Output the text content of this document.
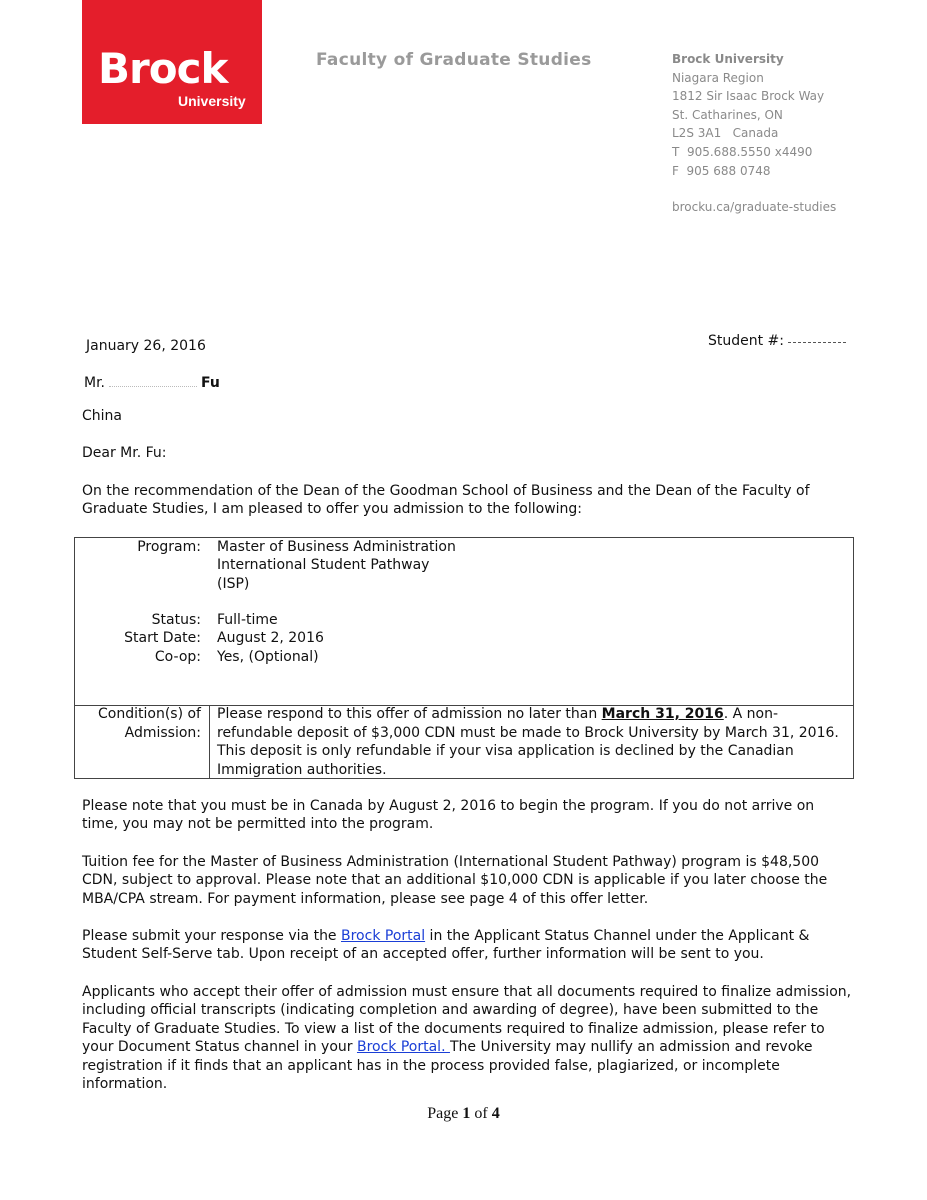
Brock
University
Faculty of Graduate Studies	Brock University
Niagara Region
1812 Sir Isaac Brock Way
St. Catharines, ON
L2S 3A1   Canada
T  905.688.5550 x4490
F  905 688 0748
brocku.ca/graduate-studies
January 26, 2016	Student #:
Mr.	Fu
China
Dear Mr. Fu:
On the recommendation of the Dean of the Goodman School of Business and the Dean of the Faculty of Graduate Studies, I am pleased to offer you admission to the following:
Program: Master of Business Administration
International Student Pathway
(ISP)
Status: Full-time
Start Date: August 2, 2016
Co-op: Yes, (Optional)
Condition(s) of Admission:
Please respond to this offer of admission no later than March 31, 2016. A non-refundable deposit of $3,000 CDN must be made to Brock University by March 31, 2016. This deposit is only refundable if your visa application is declined by the Canadian Immigration authorities.
Please note that you must be in Canada by August 2, 2016 to begin the program. If you do not arrive on time, you may not be permitted into the program.
Tuition fee for the Master of Business Administration (International Student Pathway) program is $48,500 CDN, subject to approval. Please note that an additional $10,000 CDN is applicable if you later choose the MBA/CPA stream. For payment information, please see page 4 of this offer letter.
Please submit your response via the Brock Portal in the Applicant Status Channel under the Applicant & Student Self-Serve tab. Upon receipt of an accepted offer, further information will be sent to you.
Applicants who accept their offer of admission must ensure that all documents required to finalize admission, including official transcripts (indicating completion and awarding of degree), have been submitted to the Faculty of Graduate Studies. To view a list of the documents required to finalize admission, please refer to your Document Status channel in your Brock Portal. The University may nullify an admission and revoke registration if it finds that an applicant has in the process provided false, plagiarized, or incomplete information.
Page 1 of 4
